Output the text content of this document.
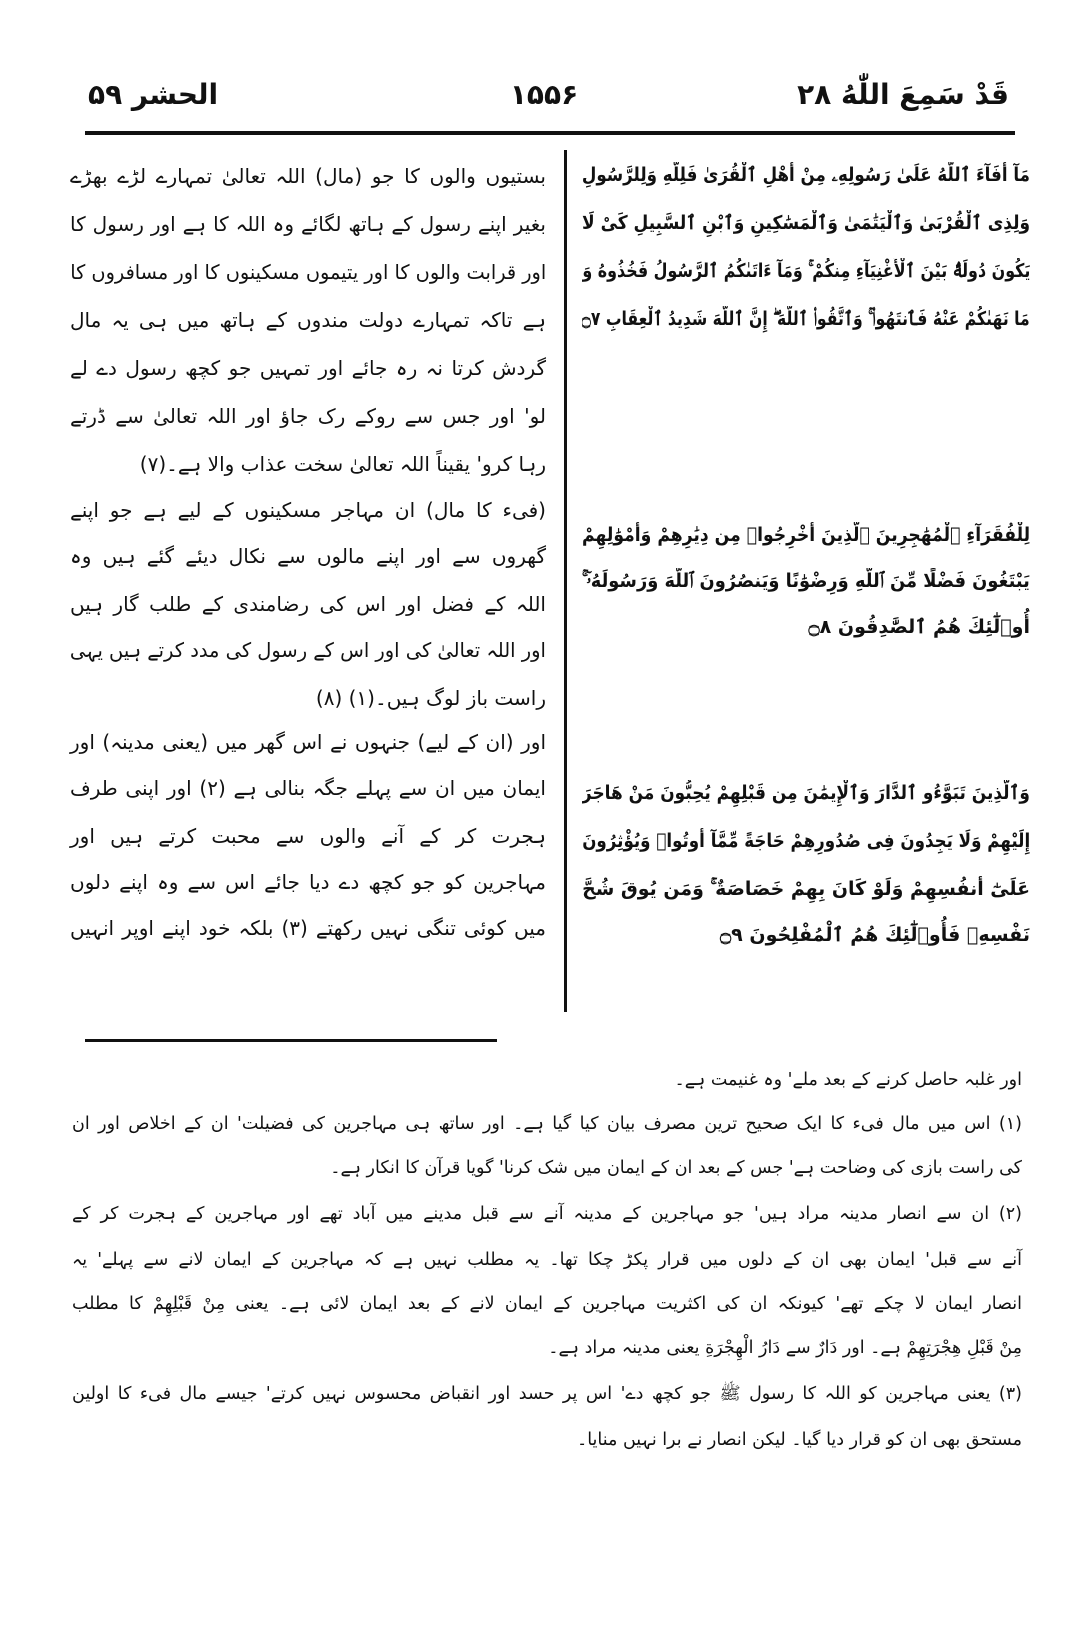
قَدْ سَمِعَ اللّٰهُ ۲۸
۱۵۵۶
الحشر ۵۹
مَآ أَفَآءَ ٱللَّهُ عَلَىٰ رَسُولِهِۦ مِنْ أَهْلِ ٱلْقُرَىٰ فَلِلَّهِ وَلِلرَّسُولِ
وَلِذِى ٱلْقُرْبَىٰ وَٱلْيَتَٰمَىٰ وَٱلْمَسَٰكِينِ وَٱبْنِ ٱلسَّبِيلِ كَىْ لَا
يَكُونَ دُولَةًۢ بَيْنَ ٱلْأَغْنِيَآءِ مِنكُمْ ۚ وَمَآ ءَاتَىٰكُمُ ٱلرَّسُولُ فَخُذُوهُ وَ
مَا نَهَىٰكُمْ عَنْهُ فَٱنتَهُوا۟ ۚ وَٱتَّقُوا۟ ٱللَّهَ ۖ إِنَّ ٱللَّهَ شَدِيدُ ٱلْعِقَابِ ۝٧
لِلْفُقَرَآءِ ٱلْمُهَٰجِرِينَ ٱلَّذِينَ أُخْرِجُوا۟ مِن دِيَٰرِهِمْ وَأَمْوَٰلِهِمْ
يَبْتَغُونَ فَضْلًا مِّنَ ٱللَّهِ وَرِضْوَٰنًا وَيَنصُرُونَ ٱللَّهَ وَرَسُولَهُۥٓ ۚ
أُو۟لَٰٓئِكَ هُمُ ٱلصَّٰدِقُونَ ۝٨
وَٱلَّذِينَ تَبَوَّءُو ٱلدَّارَ وَٱلْإِيمَٰنَ مِن قَبْلِهِمْ يُحِبُّونَ مَنْ هَاجَرَ
إِلَيْهِمْ وَلَا يَجِدُونَ فِى صُدُورِهِمْ حَاجَةً مِّمَّآ أُوتُوا۟ وَيُؤْثِرُونَ
عَلَىٰٓ أَنفُسِهِمْ وَلَوْ كَانَ بِهِمْ خَصَاصَةٌ ۚ وَمَن يُوقَ شُحَّ
نَفْسِهِۦ فَأُو۟لَٰٓئِكَ هُمُ ٱلْمُفْلِحُونَ ۝٩
بستیوں والوں کا جو (مال) اللہ تعالیٰ تمہارے لڑے بھڑے
بغیر اپنے رسول کے ہاتھ لگائے وہ اللہ کا ہے اور رسول کا
اور قرابت والوں کا اور یتیموں مسکینوں کا اور مسافروں کا
ہے تاکہ تمہارے دولت مندوں کے ہاتھ میں ہی یہ مال
گردش کرتا نہ رہ جائے اور تمہیں جو کچھ رسول دے لے
لو' اور جس سے روکے رک جاؤ اور اللہ تعالیٰ سے ڈرتے
رہا کرو' یقیناً اللہ تعالیٰ سخت عذاب والا ہے۔(۷)
(فیء کا مال) ان مہاجر مسکینوں کے لیے ہے جو اپنے
گھروں سے اور اپنے مالوں سے نکال دیئے گئے ہیں وہ
اللہ کے فضل اور اس کی رضامندی کے طلب گار ہیں
اور اللہ تعالیٰ کی اور اس کے رسول کی مدد کرتے ہیں یہی
راست باز لوگ ہیں۔(۱) (۸)
اور (ان کے لیے) جنہوں نے اس گھر میں (یعنی مدینہ) اور
ایمان میں ان سے پہلے جگہ بنالی ہے (۲) اور اپنی طرف
ہجرت کر کے آنے والوں سے محبت کرتے ہیں اور
مہاجرین کو جو کچھ دے دیا جائے اس سے وہ اپنے دلوں
میں کوئی تنگی نہیں رکھتے (۳) بلکہ خود اپنے اوپر انہیں
اور غلبہ حاصل کرنے کے بعد ملے' وہ غنیمت ہے۔
(۱) اس میں مال فیء کا ایک صحیح ترین مصرف بیان کیا گیا ہے۔ اور ساتھ ہی مہاجرین کی فضیلت' ان کے اخلاص اور ان
کی راست بازی کی وضاحت ہے' جس کے بعد ان کے ایمان میں شک کرنا' گویا قرآن کا انکار ہے۔
(۲) ان سے انصار مدینہ مراد ہیں' جو مہاجرین کے مدینہ آنے سے قبل مدینے میں آباد تھے اور مہاجرین کے ہجرت کر کے
آنے سے قبل' ایمان بھی ان کے دلوں میں قرار پکڑ چکا تھا۔ یہ مطلب نہیں ہے کہ مہاجرین کے ایمان لانے سے پہلے' یہ
انصار ایمان لا چکے تھے' کیونکہ ان کی اکثریت مہاجرین کے ایمان لانے کے بعد ایمان لائی ہے۔ یعنی مِنْ قَبْلِهِمْ کا مطلب
مِنْ قَبْلِ هِجْرَتِهِمْ ہے۔ اور دَارٌ سے دَارُ الْهِجْرَةِ یعنی مدینہ مراد ہے۔
(۳) یعنی مہاجرین کو اللہ کا رسول ﷺ جو کچھ دے' اس پر حسد اور انقباض محسوس نہیں کرتے' جیسے مال فیء کا اولین
مستحق بھی ان کو قرار دیا گیا۔ لیکن انصار نے برا نہیں منایا۔
